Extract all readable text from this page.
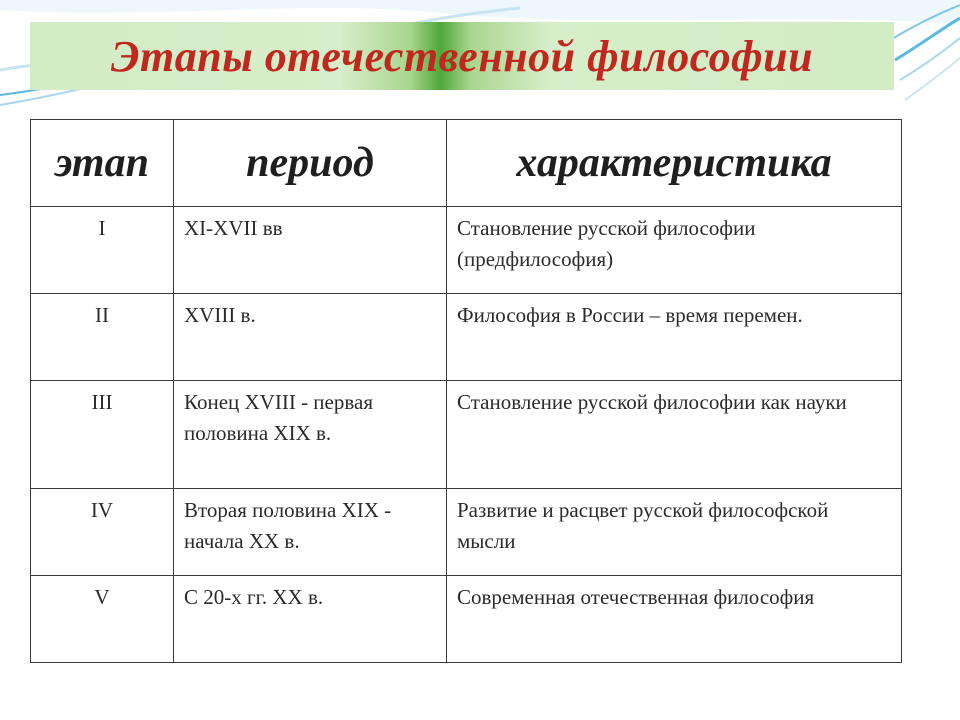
Этапы отечественной философии
этап	период	характеристика
I	XI-XVII вв	Становление русской философии (предфилософия)
II	XVIII в.	Философия в России – время перемен.
III	Конец XVIII - первая половина XIX в.	Становление русской философии как науки
IV	Вторая половина XIX - начала XX в.	Развитие и расцвет русской философской мысли
V	С 20-х гг. XX в.	Современная отечественная философия
